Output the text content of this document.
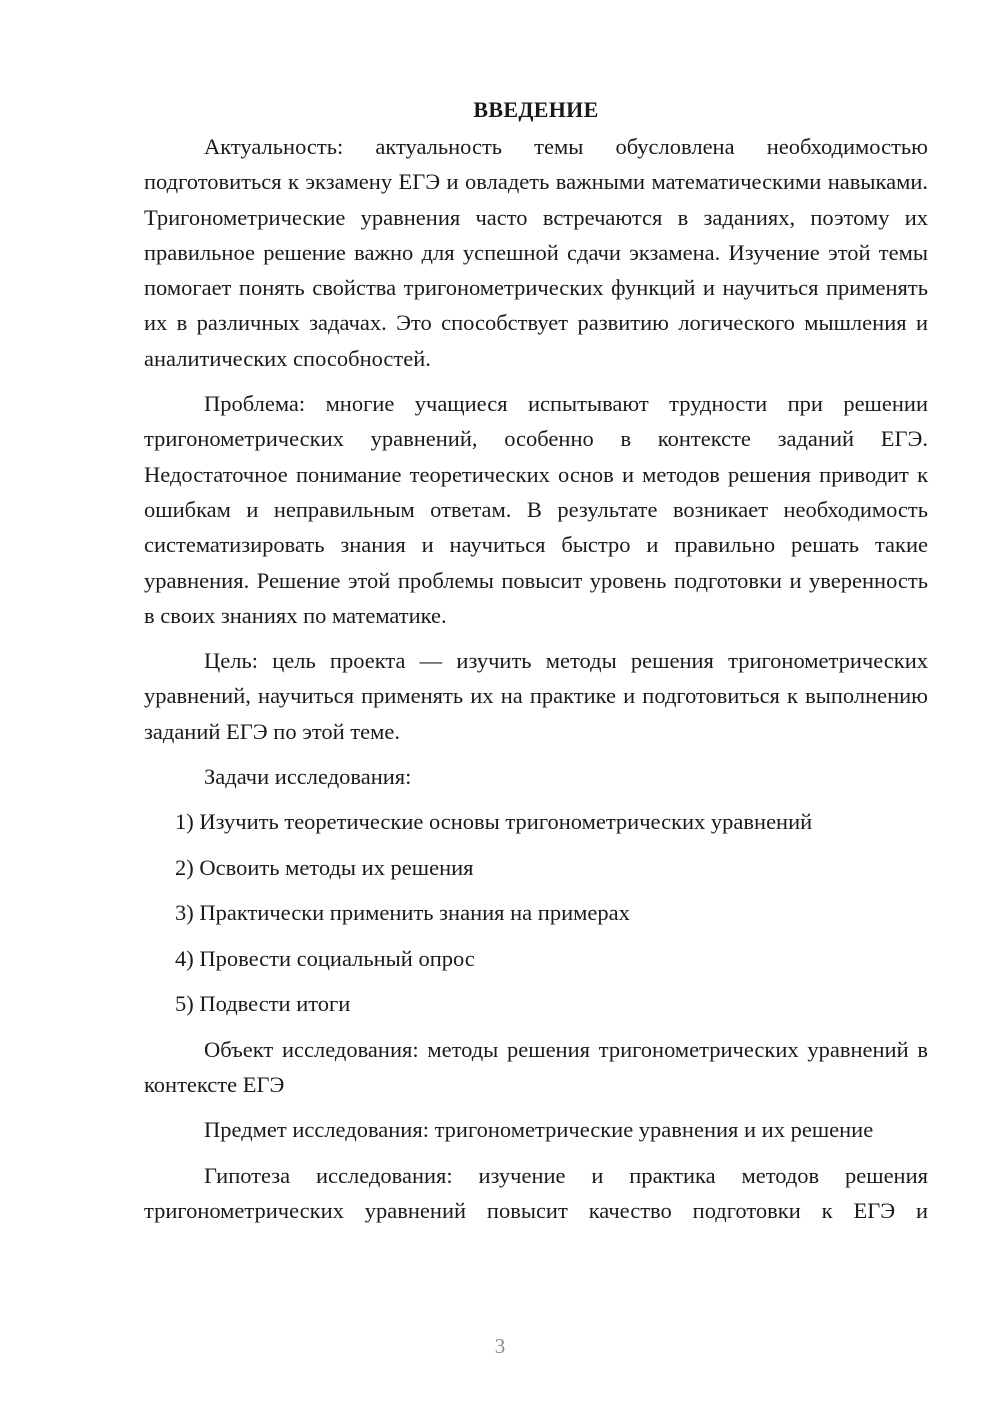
ВВЕДЕНИЕ

Актуальность: актуальность темы обусловлена необходимостью подготовиться к экзамену ЕГЭ и овладеть важными математическими навыками. Тригонометрические уравнения часто встречаются в заданиях, поэтому их правильное решение важно для успешной сдачи экзамена. Изучение этой темы помогает понять свойства тригонометрических функций и научиться применять их в различных задачах. Это способствует развитию логического мышления и аналитических способностей.

Проблема: многие учащиеся испытывают трудности при решении тригонометрических уравнений, особенно в контексте заданий ЕГЭ. Недостаточное понимание теоретических основ и методов решения приводит к ошибкам и неправильным ответам. В результате возникает необходимость систематизировать знания и научиться быстро и правильно решать такие уравнения. Решение этой проблемы повысит уровень подготовки и уверенность в своих знаниях по математике.

Цель: цель проекта — изучить методы решения тригонометрических уравнений, научиться применять их на практике и подготовиться к выполнению заданий ЕГЭ по этой теме.

Задачи исследования:

1) Изучить теоретические основы тригонометрических уравнений

2) Освоить методы их решения

3) Практически применить знания на примерах

4) Провести социальный опрос

5) Подвести итоги

Объект исследования: методы решения тригонометрических уравнений в контексте ЕГЭ

Предмет исследования: тригонометрические уравнения и их решение

Гипотеза исследования: изучение и практика методов решения тригонометрических уравнений повысит качество подготовки к ЕГЭ и

3
